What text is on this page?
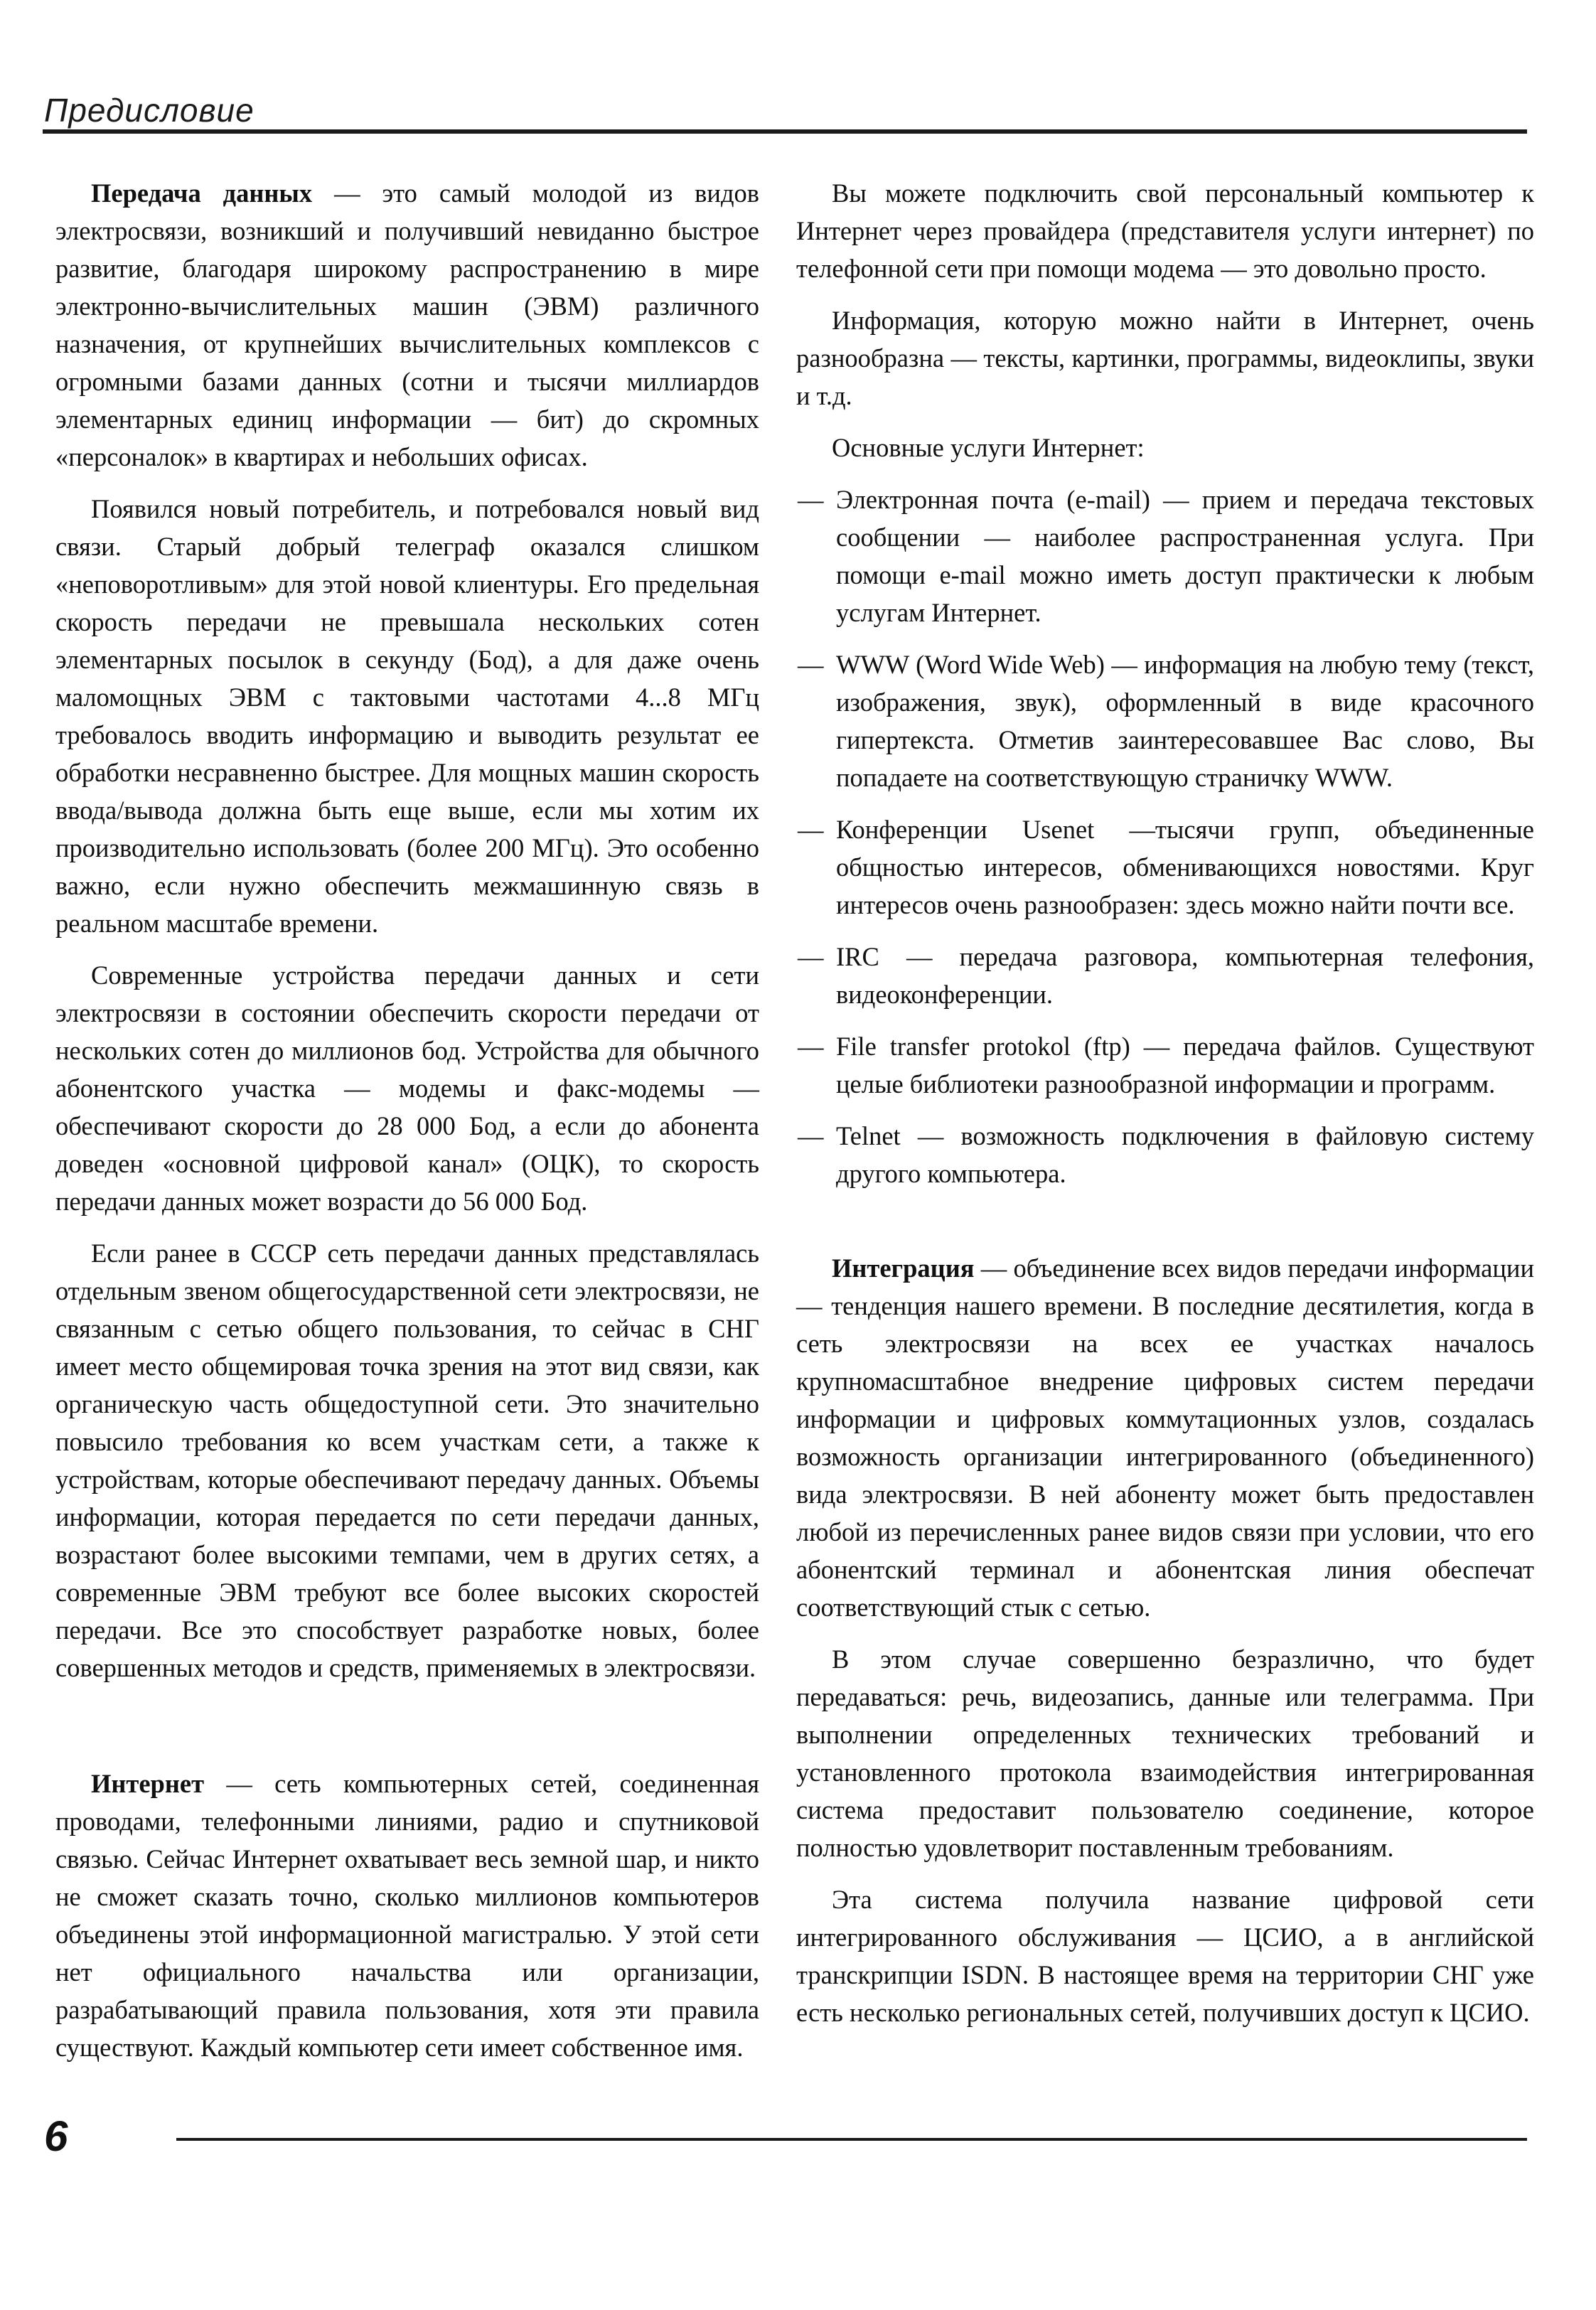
Предисловие

Передача данных — это самый молодой из видов электросвязи, возникший и получивший невиданно быстрое развитие, благодаря широкому распространению в мире электронно-вычислительных машин (ЭВМ) различного назначения, от крупнейших вычислительных комплексов с огромными базами данных (сотни и тысячи миллиардов элементарных единиц информации — бит) до скромных «персоналок» в квартирах и небольших офисах.

Появился новый потребитель, и потребовался новый вид связи. Старый добрый телеграф оказался слишком «неповоротливым» для этой новой клиентуры. Его предельная скорость передачи не превышала нескольких сотен элементарных посылок в секунду (Бод), а для даже очень маломощных ЭВМ с тактовыми частотами 4...8 МГц требовалось вводить информацию и выводить результат ее обработки несравненно быстрее. Для мощных машин скорость ввода/вывода должна быть еще выше, если мы хотим их производительно использовать (более 200 МГц). Это особенно важно, если нужно обеспечить межмашинную связь в реальном масштабе времени.

Современные устройства передачи данных и сети электросвязи в состоянии обеспечить скорости передачи от нескольких сотен до миллионов бод. Устройства для обычного абонентского участка — модемы и факс-модемы — обеспечивают скорости до 28 000 Бод, а если до абонента доведен «основной цифровой канал» (ОЦК), то скорость передачи данных может возрасти до 56 000 Бод.

Если ранее в СССР сеть передачи данных представлялась отдельным звеном общегосударственной сети электросвязи, не связанным с сетью общего пользования, то сейчас в СНГ имеет место общемировая точка зрения на этот вид связи, как органическую часть общедоступной сети. Это значительно повысило требования ко всем участкам сети, а также к устройствам, которые обеспечивают передачу данных. Объемы информации, которая передается по сети передачи данных, возрастают более высокими темпами, чем в других сетях, а современные ЭВМ требуют все более высоких скоростей передачи. Все это способствует разработке новых, более совершенных методов и средств, применяемых в электросвязи.

Интернет — сеть компьютерных сетей, соединенная проводами, телефонными линиями, радио и спутниковой связью. Сейчас Интернет охватывает весь земной шар, и никто не сможет сказать точно, сколько миллионов компьютеров объединены этой информационной магистралью. У этой сети нет официального начальства или организации, разрабатывающий правила пользования, хотя эти правила существуют. Каждый компьютер сети имеет собственное имя.

Вы можете подключить свой персональный компьютер к Интернет через провайдера (представителя услуги интернет) по телефонной сети при помощи модема — это довольно просто.

Информация, которую можно найти в Интернет, очень разнообразна — тексты, картинки, программы, видеоклипы, звуки и т.д.

Основные услуги Интернет:

— Электронная почта (e-mail) — прием и передача текстовых сообщении — наиболее распространенная услуга. При помощи e-mail можно иметь доступ практически к любым услугам Интернет.
— WWW (Word Wide Web) — информация на любую тему (текст, изображения, звук), оформленный в виде красочного гипертекста. Отметив заинтересовавшее Вас слово, Вы попадаете на соответствующую страничку WWW.
— Конференции Usenet —тысячи групп, объединенные общностью интересов, обменивающихся новостями. Круг интересов очень разнообразен: здесь можно найти почти все.
— IRC — передача разговора, компьютерная телефония, видеоконференции.
— File transfer protokol (ftp) — передача файлов. Существуют целые библиотеки разнообразной информации и программ.
— Telnet — возможность подключения в файловую систему другого компьютера.

Интеграция — объединение всех видов передачи информации — тенденция нашего времени. В последние десятилетия, когда в сеть электросвязи на всех ее участках началось крупномасштабное внедрение цифровых систем передачи информации и цифровых коммутационных узлов, создалась возможность организации интегрированного (объединенного) вида электросвязи. В ней абоненту может быть предоставлен любой из перечисленных ранее видов связи при условии, что его абонентский терминал и абонентская линия обеспечат соответствующий стык с сетью.

В этом случае совершенно безразлично, что будет передаваться: речь, видеозапись, данные или телеграмма. При выполнении определенных технических требований и установленного протокола взаимодействия интегрированная система предоставит пользователю соединение, которое полностью удовлетворит поставленным требованиям.

Эта система получила название цифровой сети интегрированного обслуживания — ЦСИО, а в английской транскрипции ISDN. В настоящее время на территории СНГ уже есть несколько региональных сетей, получивших доступ к ЦСИО.

6
